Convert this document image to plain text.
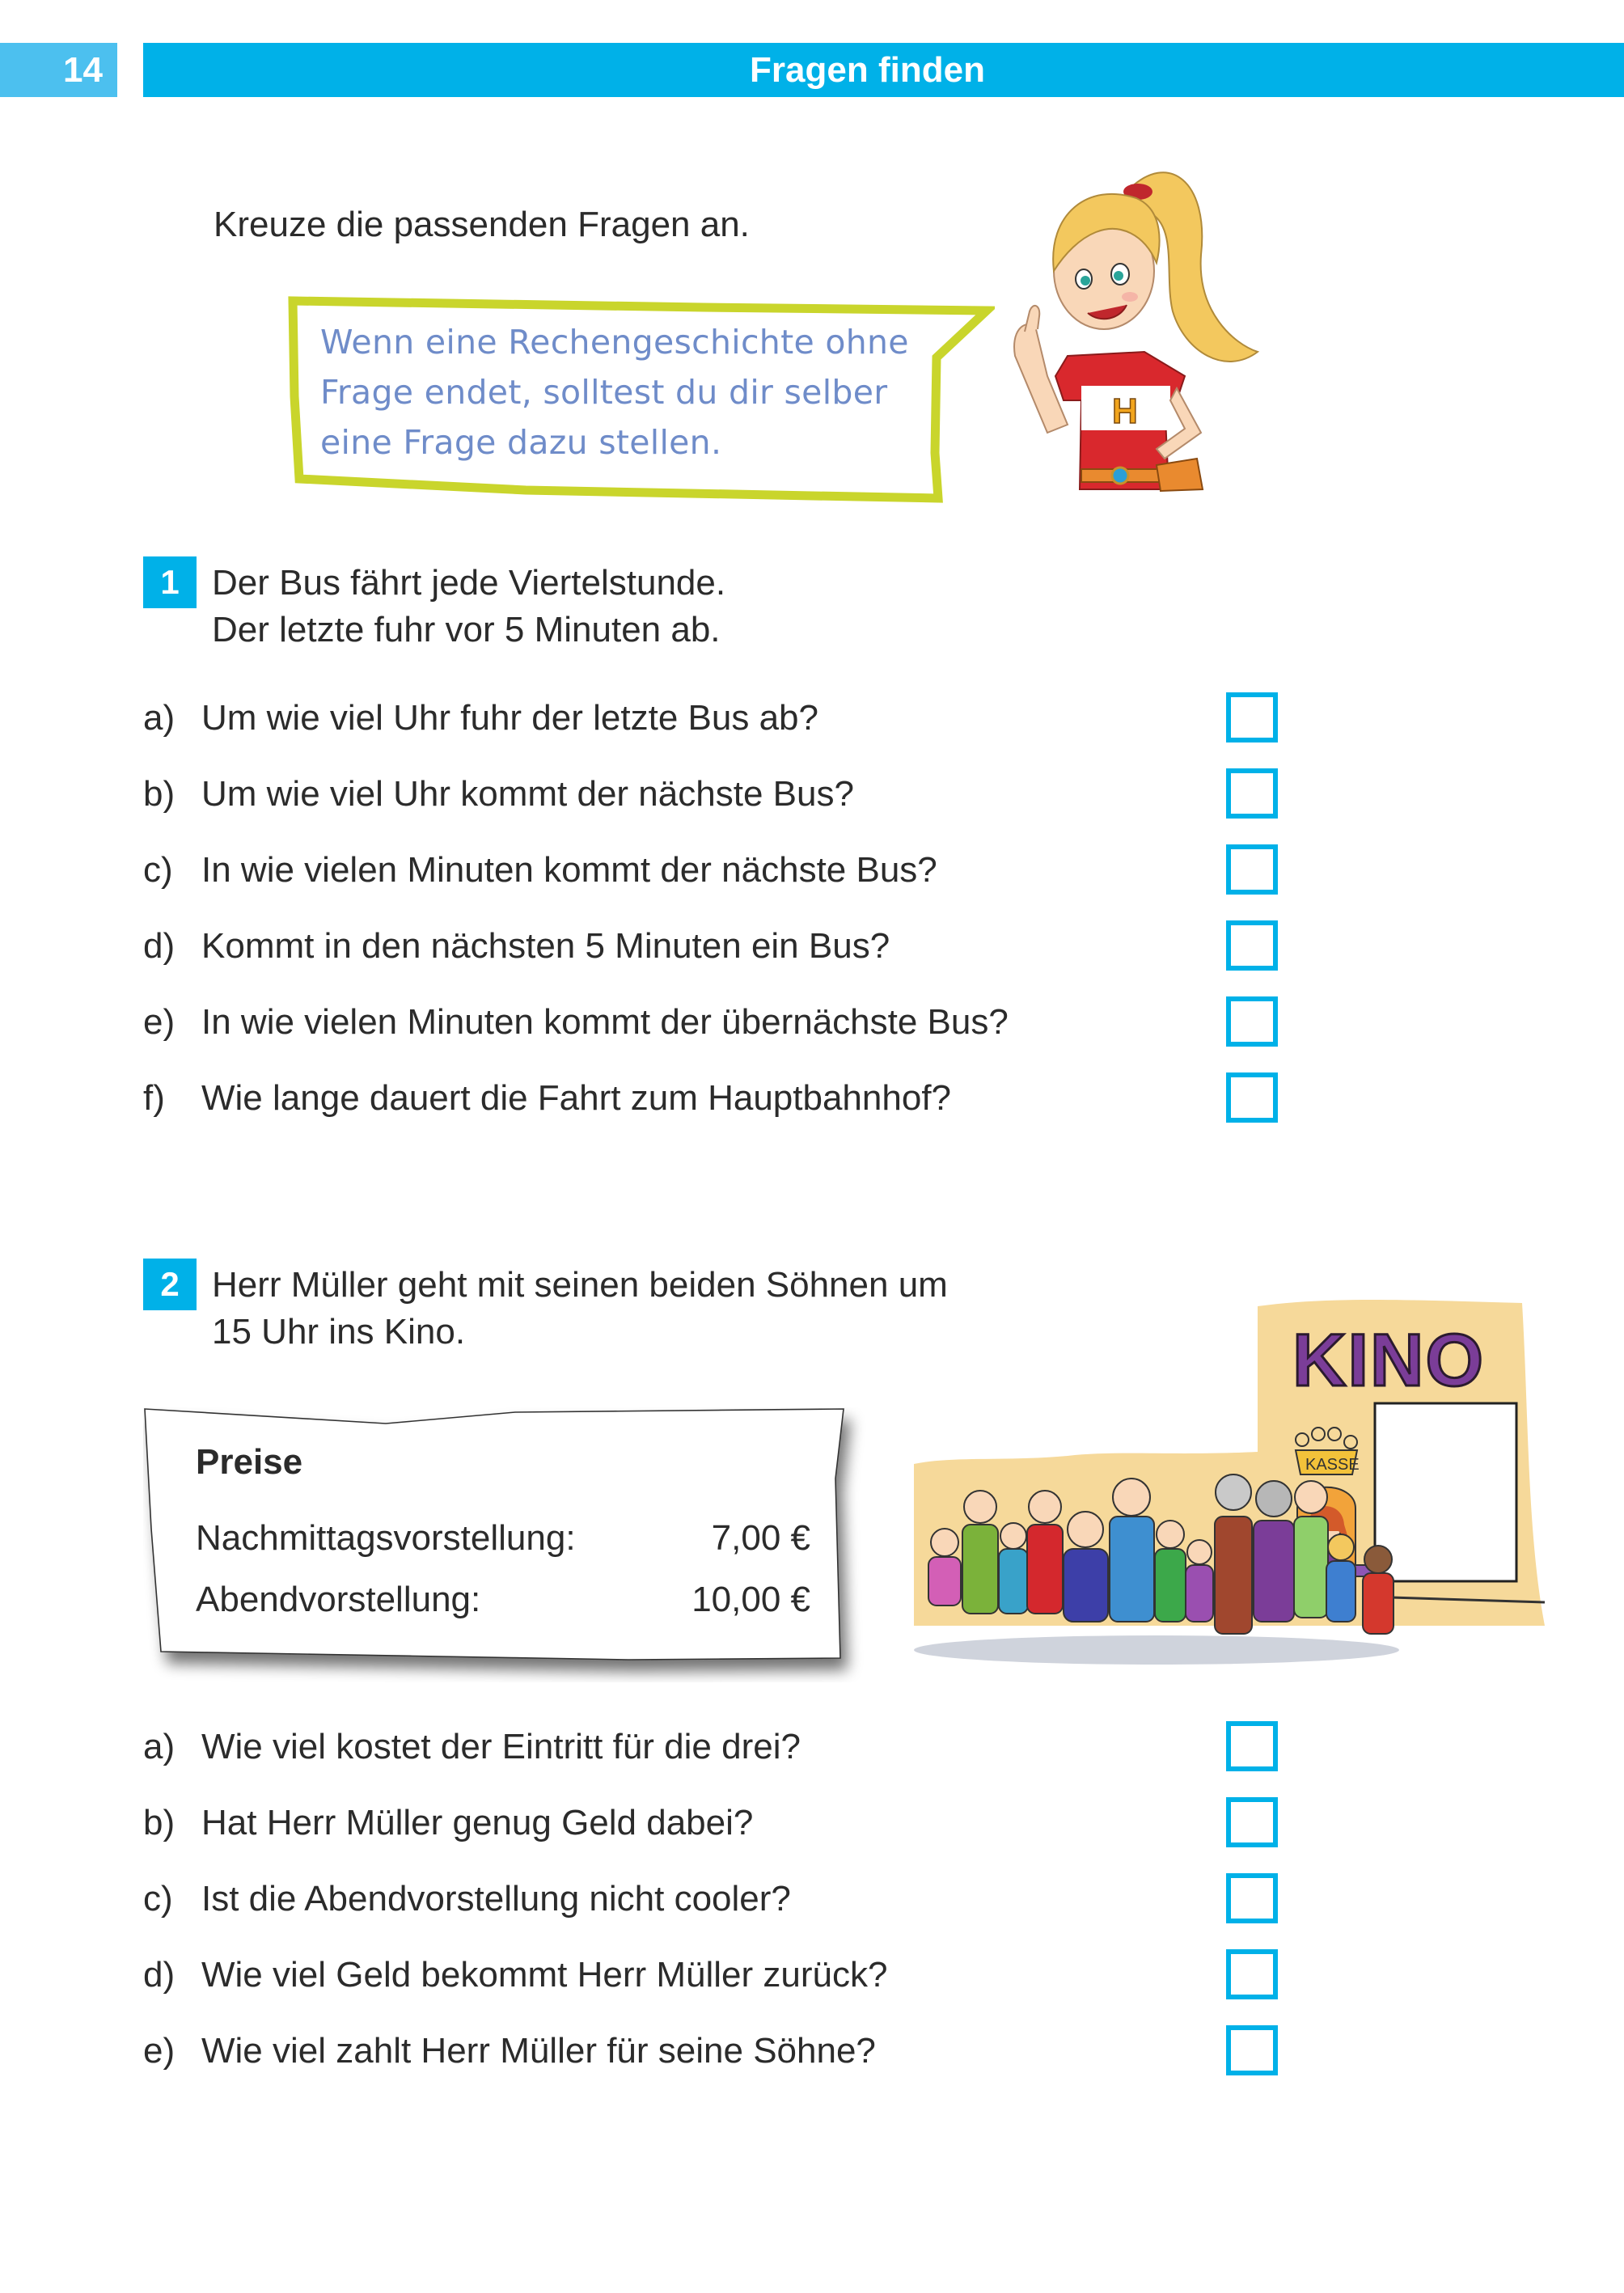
14	Fragen finden
Kreuze die passenden Fragen an.
Wenn eine Rechengeschichte ohne
Frage endet, solltest du dir selber
eine Frage dazu stellen.
H
1 Der Bus fährt jede Viertelstunde.
Der letzte fuhr vor 5 Minuten ab.
a) Um wie viel Uhr fuhr der letzte Bus ab?
b) Um wie viel Uhr kommt der nächste Bus?
c) In wie vielen Minuten kommt der nächste Bus?
d) Kommt in den nächsten 5 Minuten ein Bus?
e) In wie vielen Minuten kommt der übernächste Bus?
f)	Wie lange dauert die Fahrt zum Hauptbahnhof?
2 Herr Müller geht mit seinen beiden Söhnen um
15 Uhr ins Kino.
Preise
Nachmittagsvorstellung:	7,00 €
Abendvorstellung:	10,00 €
KINO
KASSE
a) Wie viel kostet der Eintritt für die drei?
b) Hat Herr Müller genug Geld dabei?
c) Ist die Abendvorstellung nicht cooler?
d) Wie viel Geld bekommt Herr Müller zurück?
e) Wie viel zahlt Herr Müller für seine Söhne?
